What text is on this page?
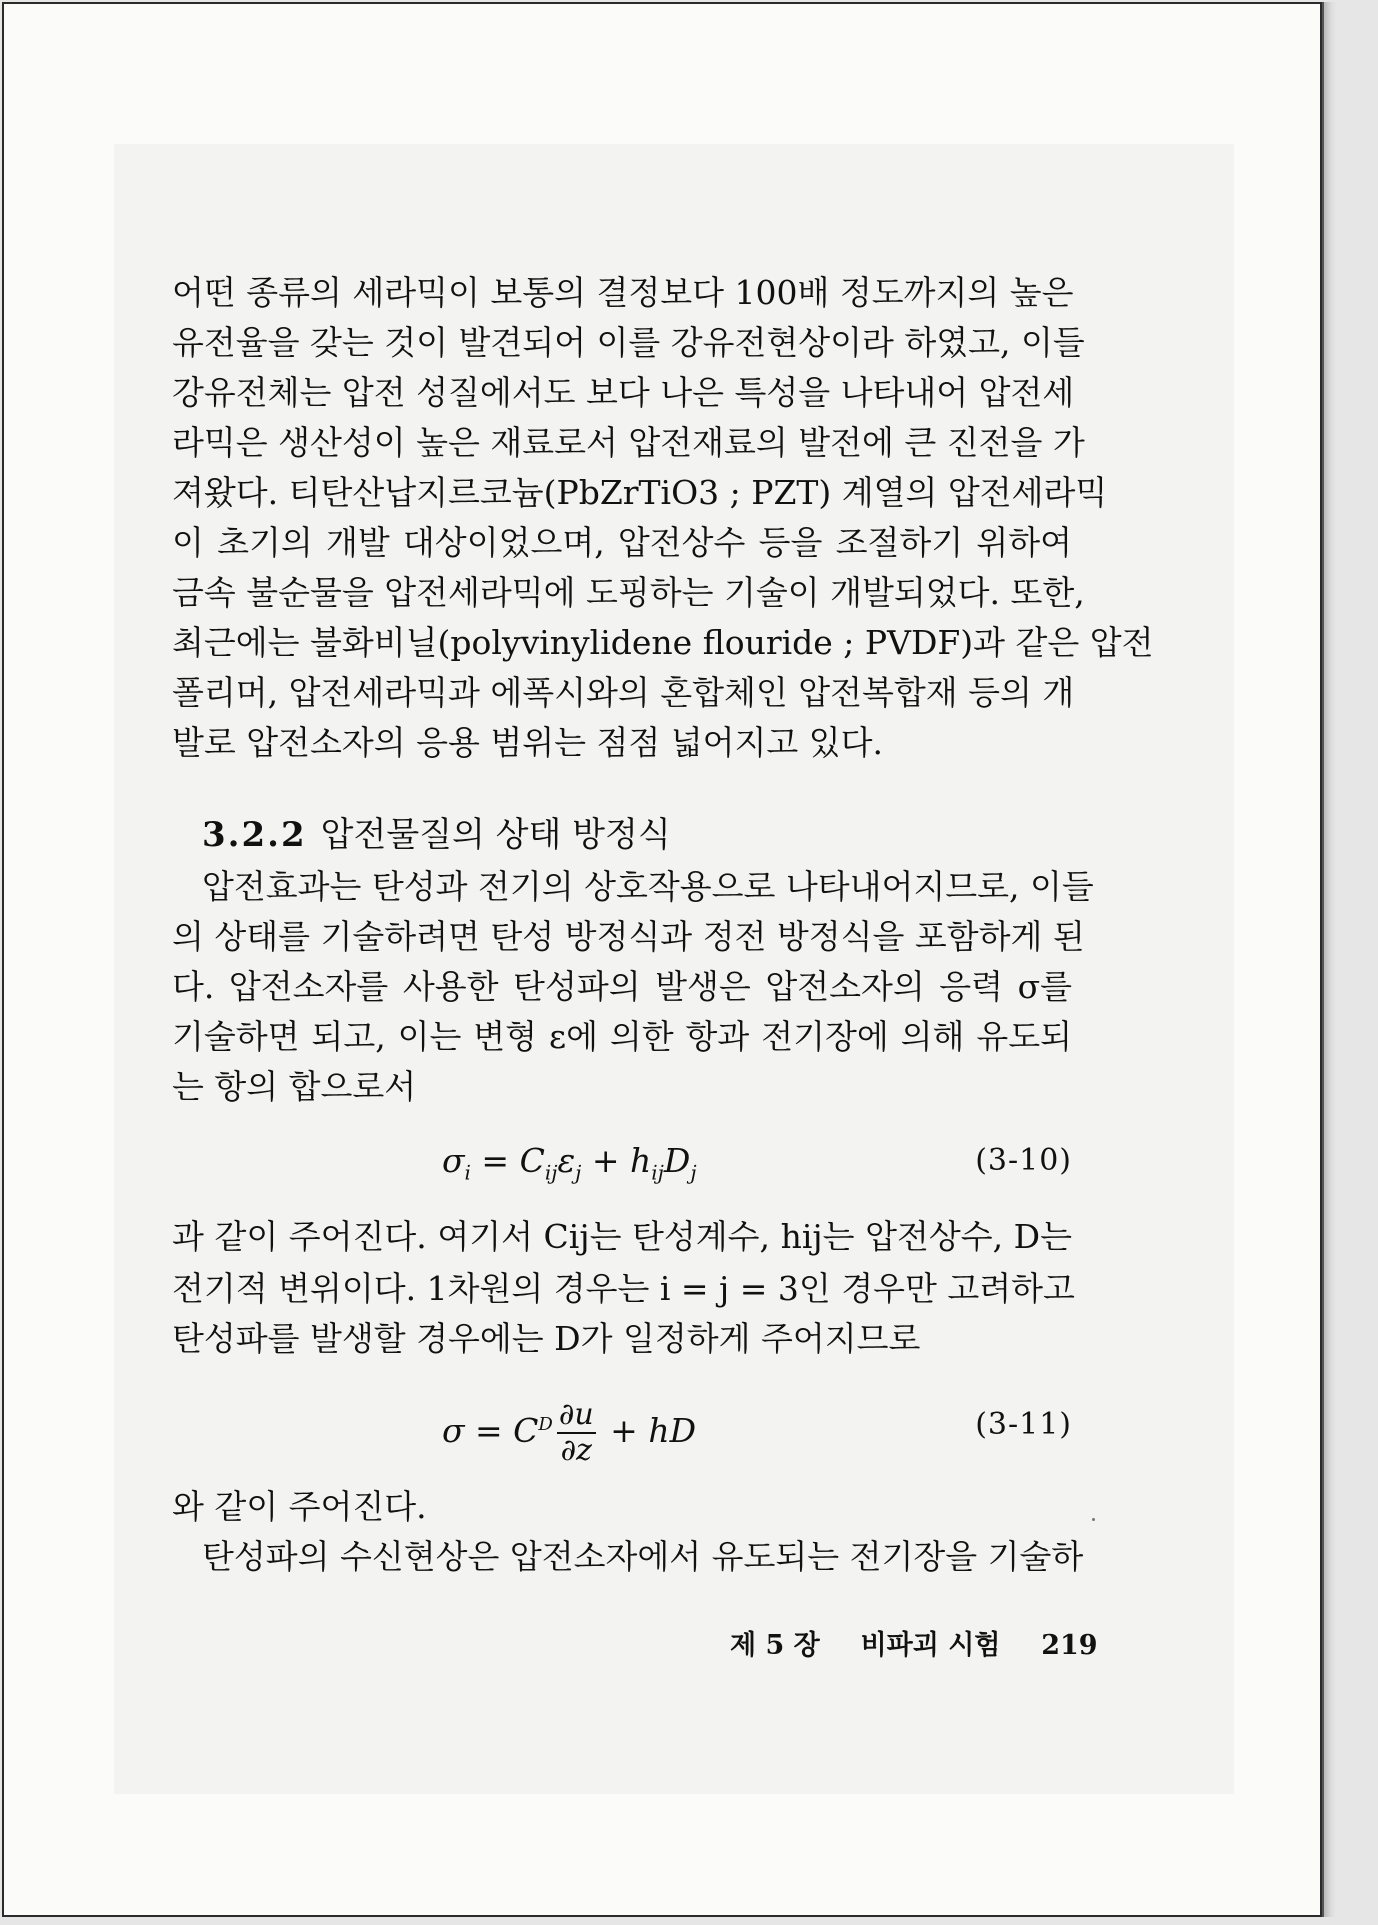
어떤 종류의 세라믹이 보통의 결정보다 100배 정도까지의 높은
유전율을 갖는 것이 발견되어 이를 강유전현상이라 하였고, 이들
강유전체는 압전 성질에서도 보다 나은 특성을 나타내어 압전세
라믹은 생산성이 높은 재료로서 압전재료의 발전에 큰 진전을 가
져왔다. 티탄산납지르코늄(PbZrTiO3 ; PZT) 계열의 압전세라믹
이 초기의 개발 대상이었으며, 압전상수 등을 조절하기 위하여
금속 불순물을 압전세라믹에 도핑하는 기술이 개발되었다. 또한,
최근에는 불화비닐(polyvinylidene flouride ; PVDF)과 같은 압전
폴리머, 압전세라믹과 에폭시와의 혼합체인 압전복합재 등의 개
발로 압전소자의 응용 범위는 점점 넓어지고 있다.
3.2.2 압전물질의 상태 방정식
압전효과는 탄성과 전기의 상호작용으로 나타내어지므로, 이들
의 상태를 기술하려면 탄성 방정식과 정전 방정식을 포함하게 된
다. 압전소자를 사용한 탄성파의 발생은 압전소자의 응력 σ를
기술하면 되고, 이는 변형 ε에 의한 항과 전기장에 의해 유도되
는 항의 합으로서
$\sigma_i = C_{ij}\varepsilon_j + h_{ij}D_j$	(3-10)
과 같이 주어진다. 여기서 Cij는 탄성계수, hij는 압전상수, D는
전기적 변위이다. 1차원의 경우는 i = j = 3인 경우만 고려하고
탄성파를 발생할 경우에는 D가 일정하게 주어지므로
$\sigma = C^D \frac{\partial u}{\partial z}$ + hD	(3-11)
와 같이 주어진다.
탄성파의 수신현상은 압전소자에서 유도되는 전기장을 기술하
제 5 장 비파괴 시험 219
